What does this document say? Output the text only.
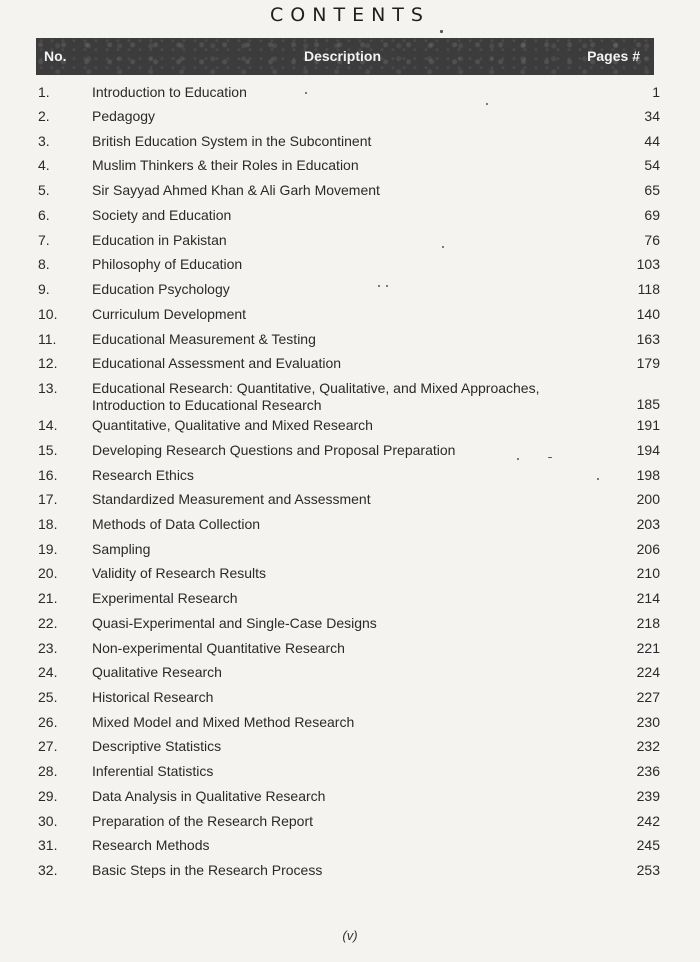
CONTENTS
No.	Description	Pages #
1.	Introduction to Education	1
2.	Pedagogy	34
3.	British Education System in the Subcontinent	44
4.	Muslim Thinkers & their Roles in Education	54
5.	Sir Sayyad Ahmed Khan & Ali Garh Movement	65
6.	Society and Education	69
7.	Education in Pakistan	76
8.	Philosophy of Education	103
9.	Education Psychology	118
10. Curriculum Development	140
11.	Educational Measurement & Testing	163
12. Educational Assessment and Evaluation	179
13. Educational Research: Quantitative, Qualitative, and Mixed Approaches, Introduction to Educational Research	185
14. Quantitative, Qualitative and Mixed Research	191
15. Developing Research Questions and Proposal Preparation	194
16. Research Ethics	198
17. Standardized Measurement and Assessment	200
18. Methods of Data Collection	203
19. Sampling	206
20. Validity of Research Results	210
21. Experimental Research	214
22. Quasi-Experimental and Single-Case Designs	218
23. Non-experimental Quantitative Research	221
24. Qualitative Research	224
25. Historical Research	227
26. Mixed Model and Mixed Method Research	230
27. Descriptive Statistics	232
28. Inferential Statistics	236
29. Data Analysis in Qualitative Research	239
30. Preparation of the Research Report	242
31. Research Methods	245
32. Basic Steps in the Research Process	253
(v)
